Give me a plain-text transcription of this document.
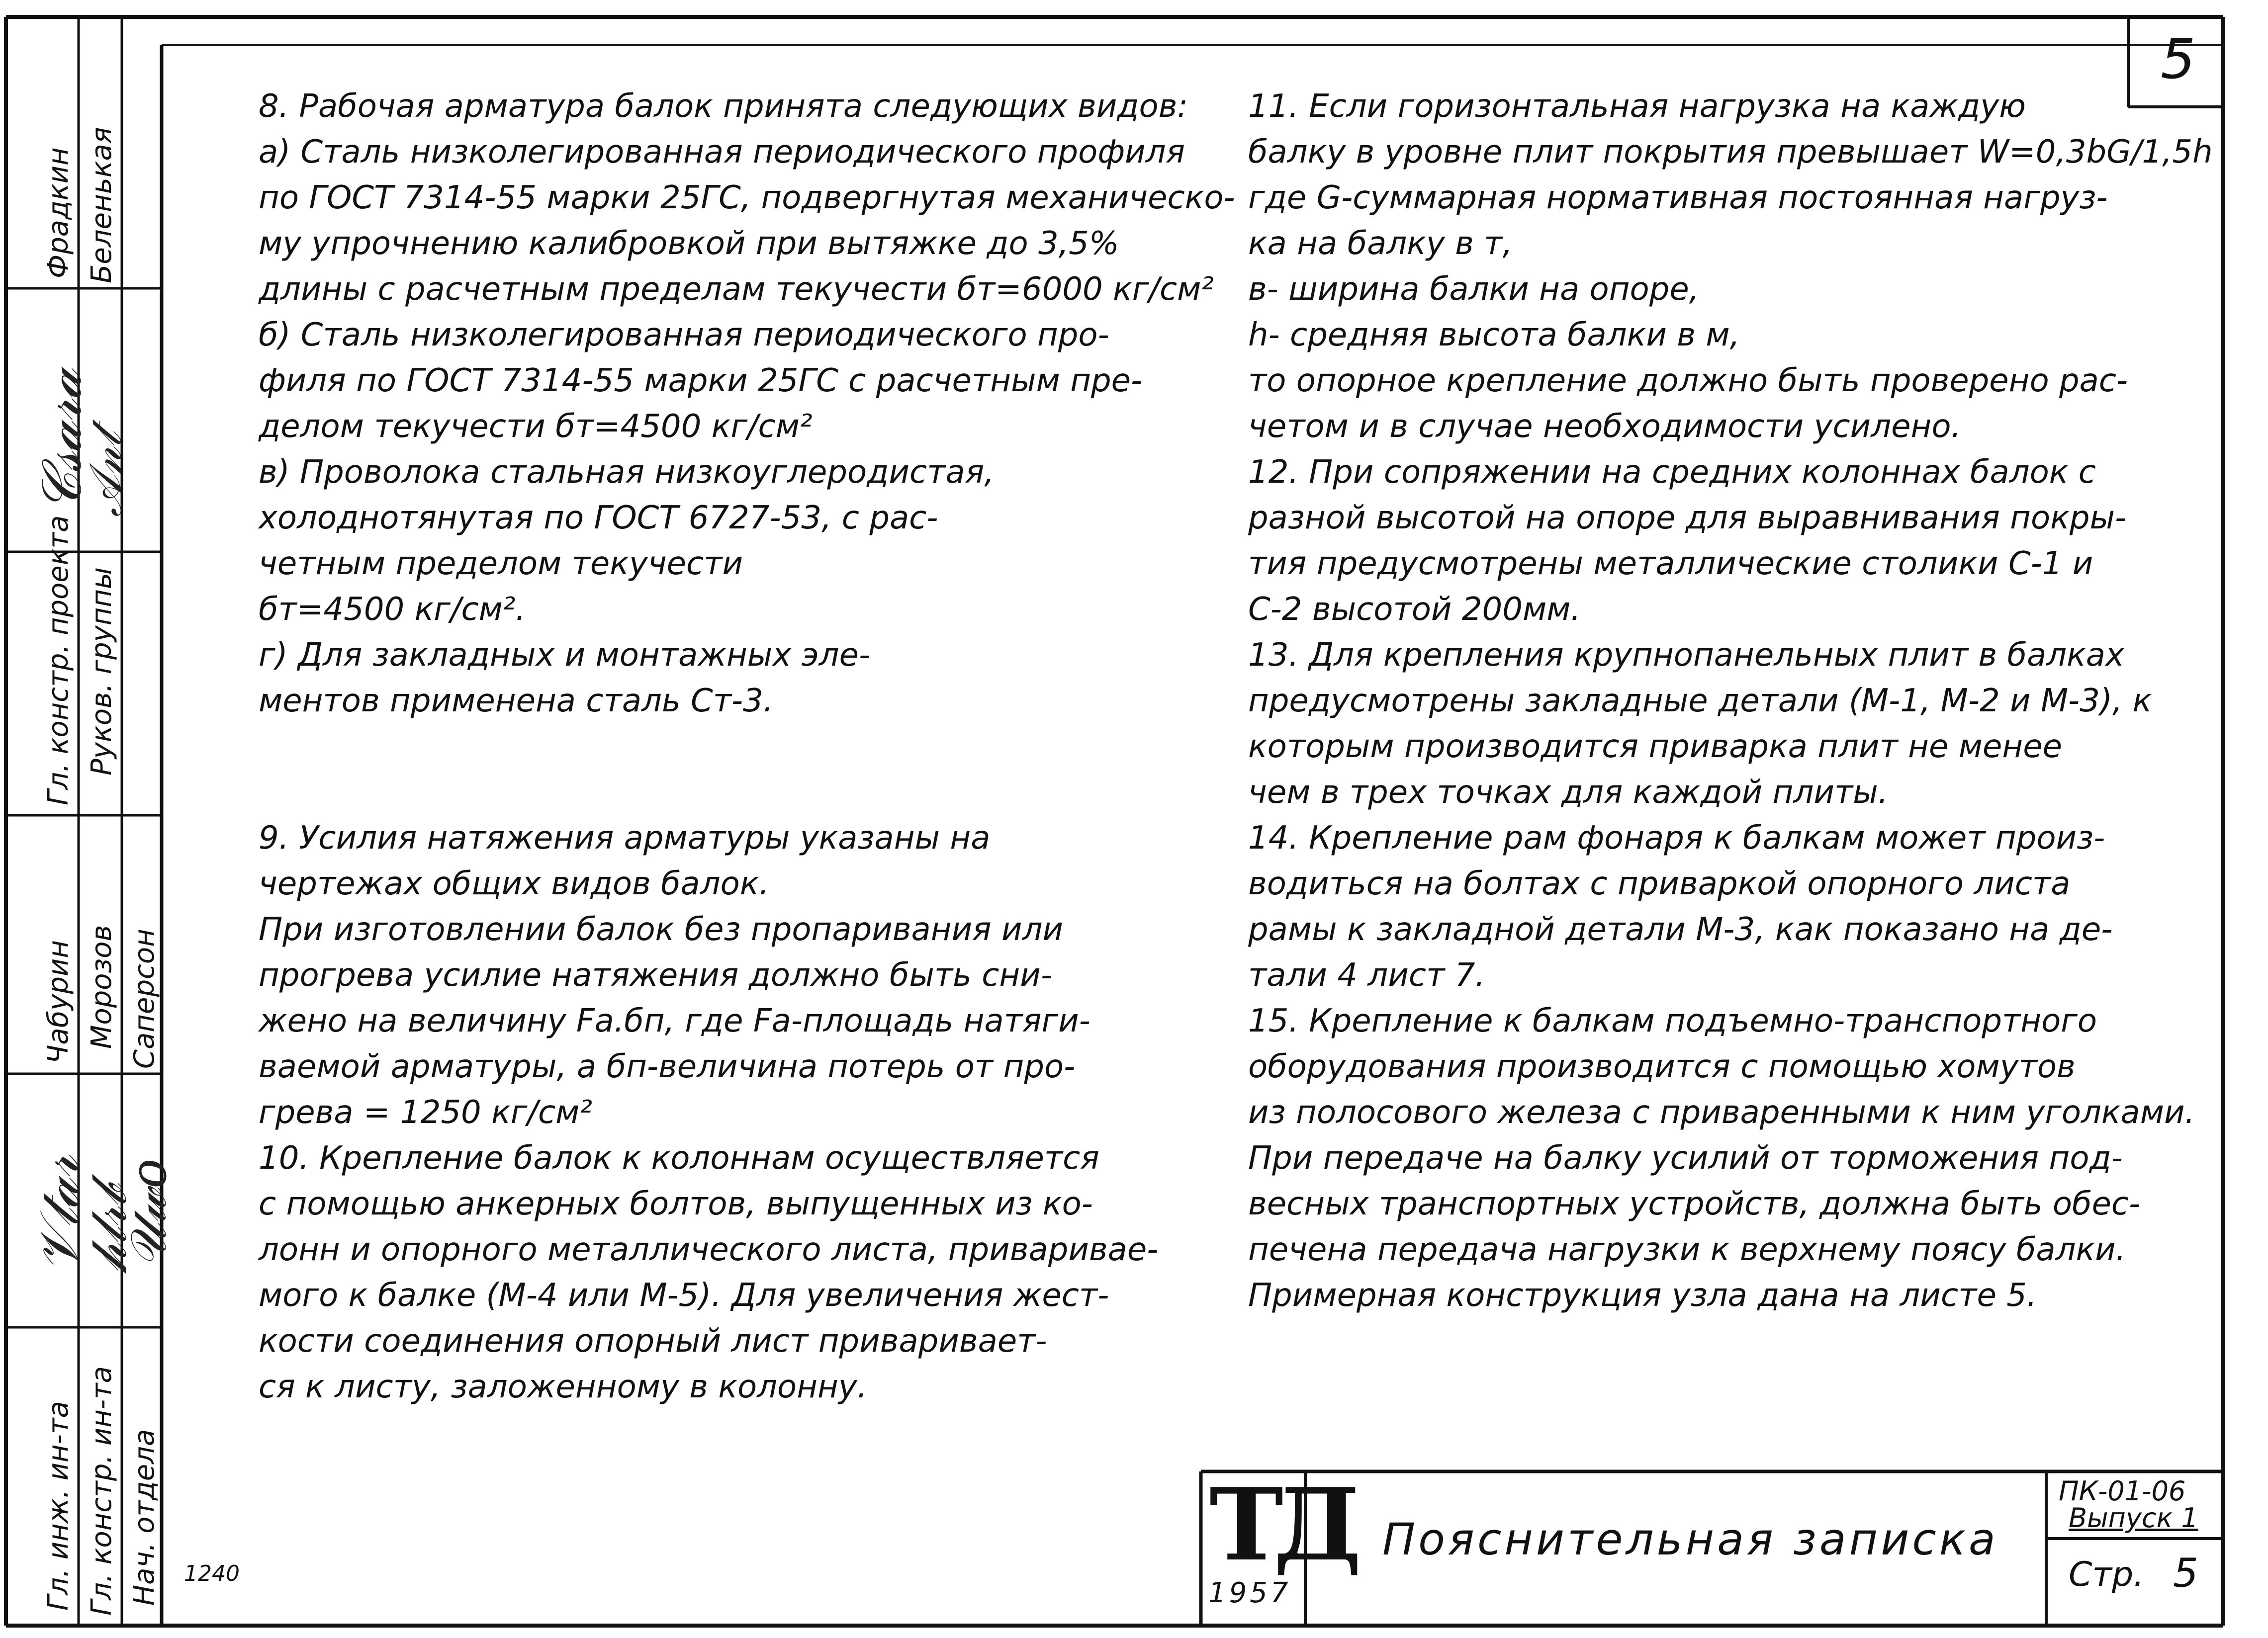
5
8. Рабочая арматура балок принята следующих видов:
а) Сталь низколегированная периодического профиля
по ГОСТ 7314-55 марки 25ГС, подвергнутая механическо-
му упрочнению калибровкой при вытяжке до 3,5%
длины с расчетным пределам текучести бт=6000 кг/см²
б) Сталь низколегированная периодического про-
филя по ГОСТ 7314-55 марки 25ГС с расчетным пре-
делом текучести бт=4500 кг/см²
в) Проволока стальная низкоуглеродистая,
холоднотянутая по ГОСТ 6727-53, с рас-
четным пределом текучести
бт=4500 кг/см².
г) Для закладных и монтажных эле-
ментов применена сталь Ст-3.

9. Усилия натяжения арматуры указаны на
чертежах общих видов балок.
При изготовлении балок без пропаривания или
прогрева усилие натяжения должно быть сни-
жено на величину Fa.бп, где Fa-площадь натяги-
ваемой арматуры, а бп-величина потерь от про-
грева = 1250 кг/см²
10. Крепление балок к колоннам осуществляется
с помощью анкерных болтов, выпущенных из ко-
лонн и опорного металлического листа, приваривае-
мого к балке (М-4 или М-5). Для увеличения жест-
кости соединения опорный лист приваривает-
ся к листу, заложенному в колонну.
11. Если горизонтальная нагрузка на каждую
балку в уровне плит покрытия превышает W=0,3bG/1,5h
где G-суммарная нормативная постоянная нагруз-
ка на балку в т,
в- ширина балки на опоре,
h- средняя высота балки в м,
то опорное крепление должно быть проверено рас-
четом и в случае необходимости усилено.
12. При сопряжении на средних колоннах балок с
разной высотой на опоре для выравнивания покры-
тия предусмотрены металлические столики С-1 и
С-2 высотой 200мм.
13. Для крепления крупнопанельных плит в балках
предусмотрены закладные детали (М-1, М-2 и М-3), к
которым производится приварка плит не менее
чем в трех точках для каждой плиты.
14. Крепление рам фонаря к балкам может произ-
водиться на болтах с приваркой опорного листа
рамы к закладной детали М-3, как показано на де-
тали 4 лист 7.
15. Крепление к балкам подъемно-транспортного
оборудования производится с помощью хомутов
из полосового железа с приваренными к ним уголками.
При передаче на балку усилий от торможения под-
весных транспортных устройств, должна быть обес-
печена передача нагрузки к верхнему поясу балки.
Примерная конструкция узла дана на листе 5.
Фрадкин
Гл. констр. проекта
Чабурин
Гл. инж. ин-та
Беленькая
Руков. группы
Морозов
Гл. констр. ин-та
Саперсон
Нач. отдела
𝒞𝓈𝒶𝓇𝒶
𝒜𝓃𝓉
𝒱𝓉𝒶𝓇
𝒽𝓁𝓇𝒷
𝒰𝓌𝑜
1240	ТД
1957
Пояснительная записка
ПК-01-06
Выпуск 1
Стр. 5
